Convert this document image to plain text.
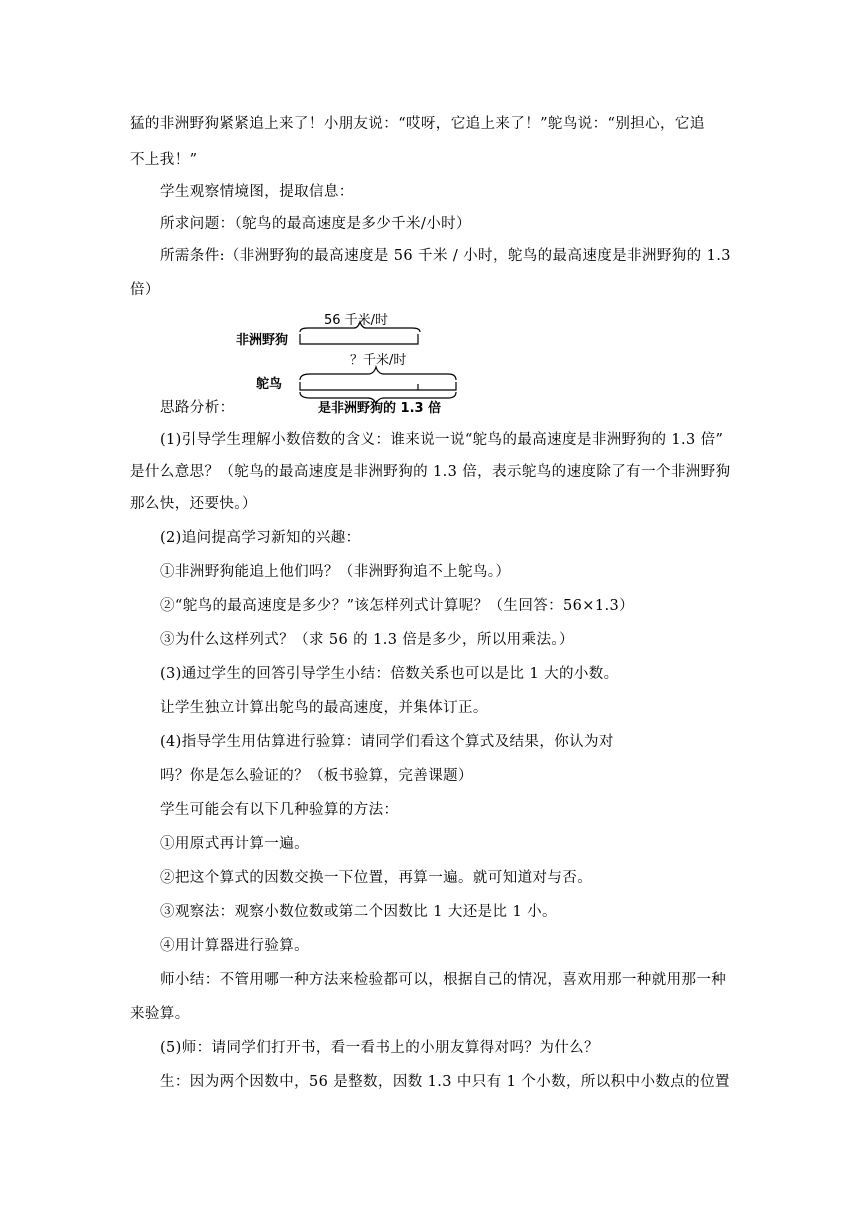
猛的非洲野狗紧紧追上来了！小朋友说：“哎呀，它追上来了！”鸵鸟说：“别担心，它追
不上我！”
学生观察情境图，提取信息：
所求问题：（鸵鸟的最高速度是多少千米/小时）
所需条件:（非洲野狗的最高速度是 56 千米 / 小时，鸵鸟的最高速度是非洲野狗的 1.3
倍）
56 千米/时
非洲野狗
？千米/时
鸵鸟
是非洲野狗的 1.3 倍
思路分析：
(1)引导学生理解小数倍数的含义：谁来说一说“鸵鸟的最高速度是非洲野狗的 1.3 倍”
是什么意思？（鸵鸟的最高速度是非洲野狗的 1.3 倍，表示鸵鸟的速度除了有一个非洲野狗
那么快，还要快。）
(2)追问提高学习新知的兴趣：
①非洲野狗能追上他们吗？（非洲野狗追不上鸵鸟。）
②“鸵鸟的最高速度是多少？”该怎样列式计算呢？（生回答：56×1.3）
③为什么这样列式？（求 56 的 1.3 倍是多少，所以用乘法。）
(3)通过学生的回答引导学生小结：倍数关系也可以是比 1 大的小数。
让学生独立计算出鸵鸟的最高速度，并集体订正。
(4)指导学生用估算进行验算：请同学们看这个算式及结果，你认为对
吗？你是怎么验证的？（板书验算，完善课题）
学生可能会有以下几种验算的方法：
①用原式再计算一遍。
②把这个算式的因数交换一下位置，再算一遍。就可知道对与否。
③观察法：观察小数位数或第二个因数比 1 大还是比 1 小。
④用计算器进行验算。
师小结：不管用哪一种方法来检验都可以，根据自己的情况，喜欢用那一种就用那一种
来验算。
(5)师：请同学们打开书，看一看书上的小朋友算得对吗？为什么？
生：因为两个因数中，56 是整数，因数 1.3 中只有 1 个小数，所以积中小数点的位置
